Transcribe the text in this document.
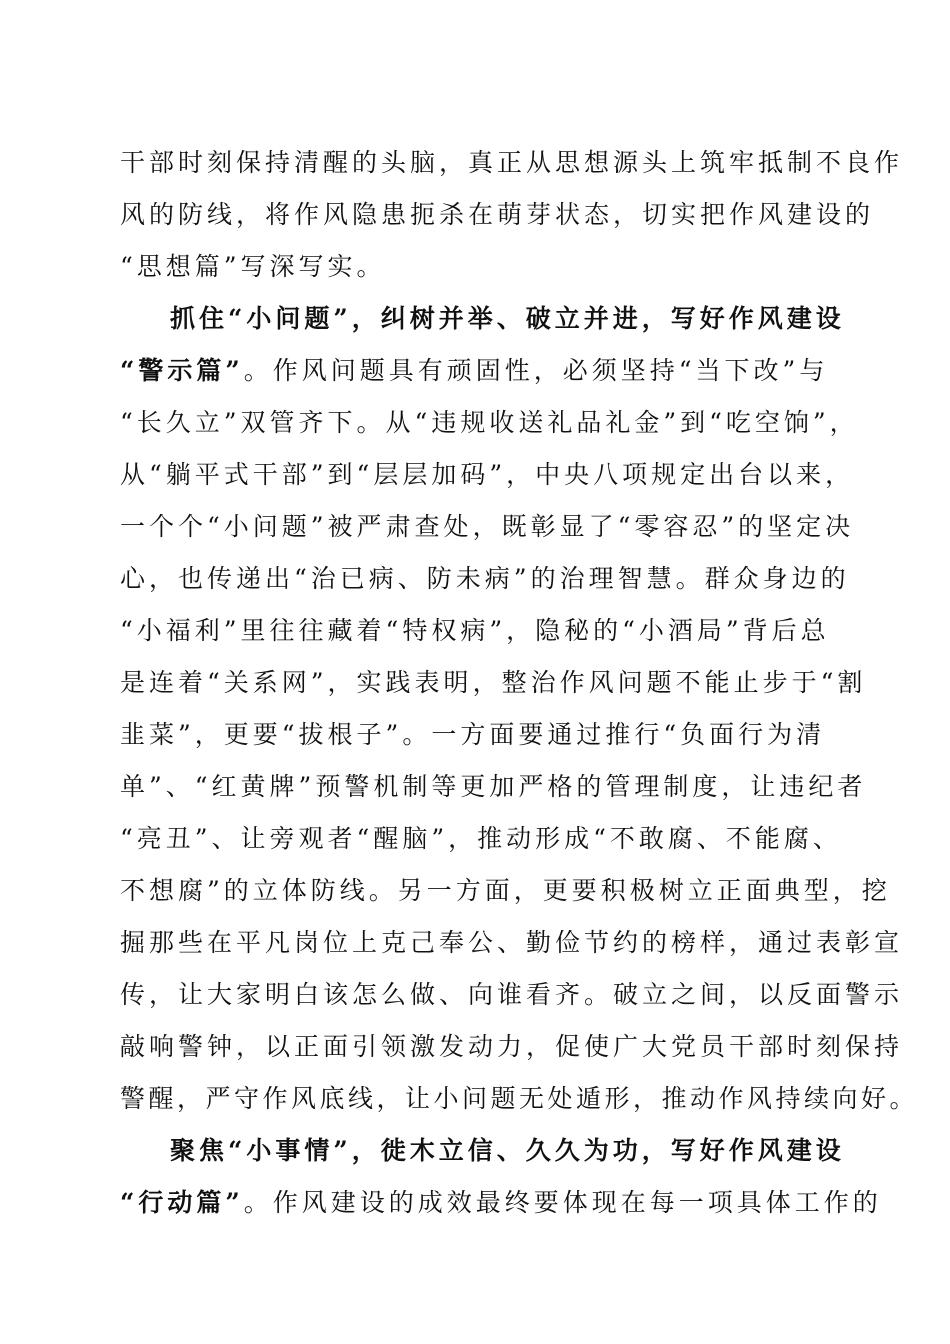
干部时刻保持清醒的头脑，真正从思想源头上筑牢抵制不良作
风的防线，将作风隐患扼杀在萌芽状态，切实把作风建设的
“思想篇”写深写实。
抓住“小问题”，纠树并举、破立并进，写好作风建设
“警示篇”。作风问题具有顽固性，必须坚持“当下改”与
“长久立”双管齐下。从“违规收送礼品礼金”到“吃空饷”，
从“躺平式干部”到“层层加码”，中央八项规定出台以来，
一个个“小问题”被严肃查处，既彰显了“零容忍”的坚定决
心，也传递出“治已病、防未病”的治理智慧。群众身边的
“小福利”里往往藏着“特权病”，隐秘的“小酒局”背后总
是连着“关系网”，实践表明，整治作风问题不能止步于“割
韭菜”，更要“拔根子”。一方面要通过推行“负面行为清
单”、“红黄牌”预警机制等更加严格的管理制度，让违纪者
“亮丑”、让旁观者“醒脑”，推动形成“不敢腐、不能腐、
不想腐”的立体防线。另一方面，更要积极树立正面典型，挖
掘那些在平凡岗位上克己奉公、勤俭节约的榜样，通过表彰宣
传，让大家明白该怎么做、向谁看齐。破立之间，以反面警示
敲响警钟，以正面引领激发动力，促使广大党员干部时刻保持
警醒，严守作风底线，让小问题无处遁形，推动作风持续向好。
聚焦“小事情”，徙木立信、久久为功，写好作风建设
“行动篇”。作风建设的成效最终要体现在每一项具体工作的
